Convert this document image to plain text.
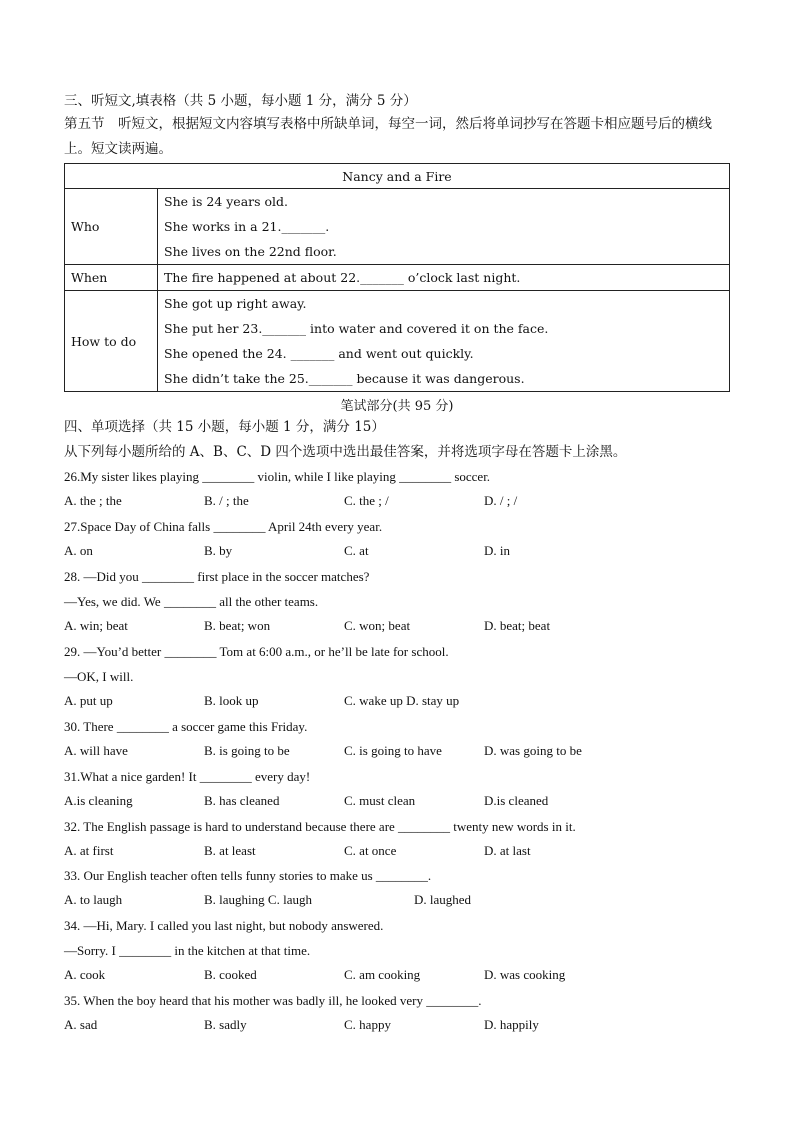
三、听短文,填表格（共 5 小题，每小题 1 分，满分 5 分）
第五节　听短文，根据短文内容填写表格中所缺单词，每空一词，然后将单词抄写在答题卡相应题号后的横线上。短文读两遍。
Nancy and a Fire	
Who	She is 24 years old.
She works in a 21._______.
She lives on the 22nd floor.

When	The fire happened at about 22._______ o’clock last night.

How to do	She got up right away.
She put her 23._______ into water and covered it on the face.
She opened the 24. _______ and went out quickly.
She didn’t take the 25._______ because it was dangerous.
笔试部分(共 95 分)
四、单项选择（共 15 小题，每小题 1 分，满分 15）
从下列每小题所给的 A、B、C、D 四个选项中选出最佳答案，并将选项字母在答题卡上涂黑。
26.My sister likes playing ________ violin, while I like playing ________ soccer.
A. the ; the	B. / ; the	C. the ; /	D. / ; /
27.Space Day of China falls ________ April 24th every year.
A. on	B. by	C. at	D. in
28. —Did you ________ first place in the soccer matches?
—Yes, we did. We ________ all the other teams.
A. win; beat	B. beat; won	C. won; beat	D. beat; beat
29. —You’d better ________ Tom at 6:00 a.m., or he’ll be late for school.
—OK, I will.
A. put up	B. look up	C. wake up D. stay up
30. There ________ a soccer game this Friday.
A. will have	B. is going to be	C. is going to have	D. was going to be
31.What a nice garden! It ________ every day!
A.is cleaning	B. has cleaned	C. must clean	D.is cleaned
32. The English passage is hard to understand because there are ________ twenty new words in it.
A. at first	B. at least	C. at once	D. at last
33. Our English teacher often tells funny stories to make us ________.
A. to laugh	B. laughing C. laugh	D. laughed
34. —Hi, Mary. I called you last night, but nobody answered.
—Sorry. I ________ in the kitchen at that time.
A. cook	B. cooked	C. am cooking	D. was cooking
35. When the boy heard that his mother was badly ill, he looked very ________.
A. sad	B. sadly	C. happy	D. happily
